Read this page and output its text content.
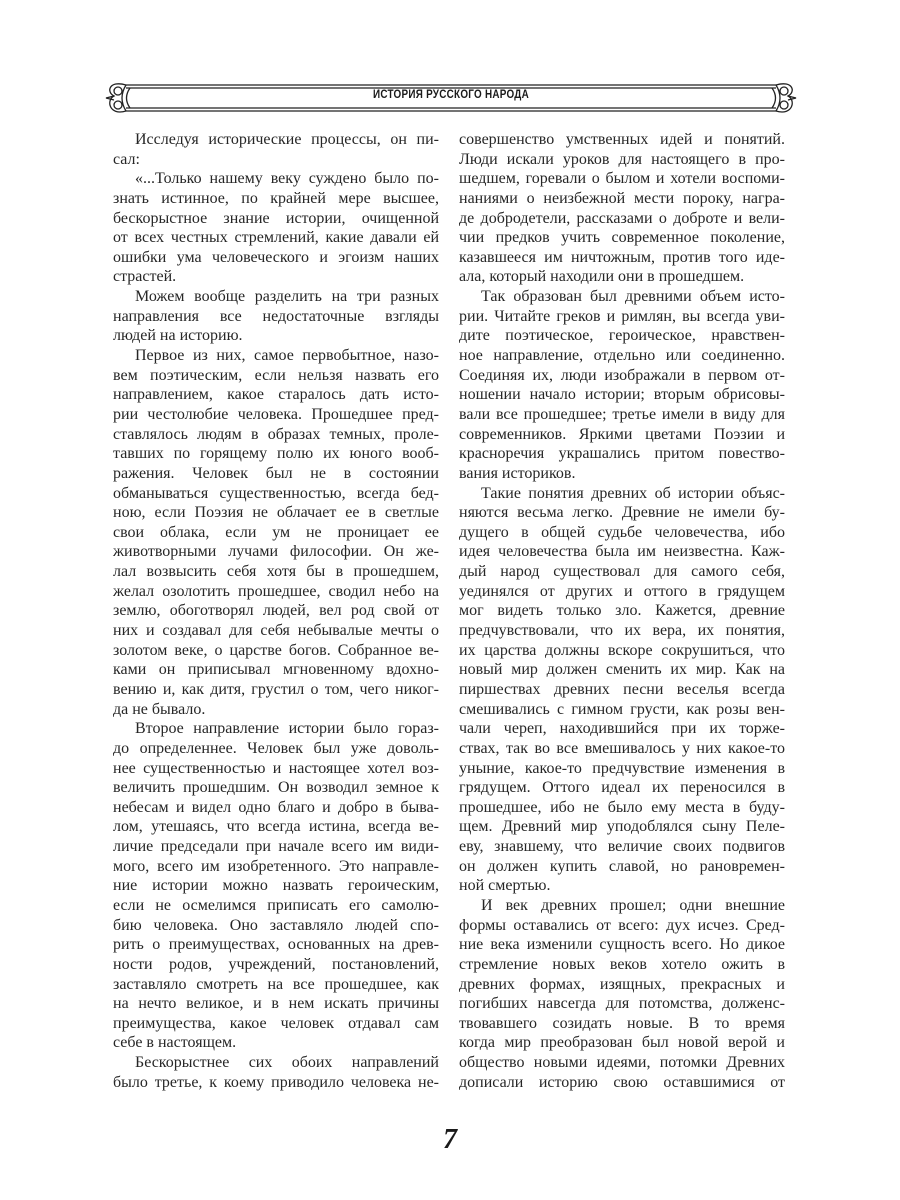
ИСТОРИЯ РУССКОГО НАРОДА
Исследуя исторические процессы, он пи-
сал:
«...Только нашему веку суждено было по-
знать истинное, по крайней мере высшее,
бескорыстное знание истории, очищенной
от всех честных стремлений, какие давали ей
ошибки ума человеческого и эгоизм наших
страстей.
Можем вообще разделить на три разных
направления все недостаточные взгляды
людей на историю.
Первое из них, самое первобытное, назо-
вем поэтическим, если нельзя назвать его
направлением, какое старалось дать исто-
рии честолюбие человека. Прошедшее пред-
ставлялось людям в образах темных, проле-
тавших по горящему полю их юного вооб-
ражения. Человек был не в состоянии
обманываться существенностью, всегда бед-
ною, если Поэзия не облачает ее в светлые
свои облака, если ум не проницает ее
животворными лучами философии. Он же-
лал возвысить себя хотя бы в прошедшем,
желал озолотить прошедшее, сводил небо на
землю, обоготворял людей, вел род свой от
них и создавал для себя небывалые мечты о
золотом веке, о царстве богов. Собранное ве-
ками он приписывал мгновенному вдохно-
вению и, как дитя, грустил о том, чего никог-
да не бывало.
Второе направление истории было гораз-
до определеннее. Человек был уже доволь-
нее существенностью и настоящее хотел воз-
величить прошедшим. Он возводил земное к
небесам и видел одно благо и добро в быва-
лом, утешаясь, что всегда истина, всегда ве-
личие председали при начале всего им види-
мого, всего им изобретенного. Это направле-
ние истории можно назвать героическим,
если не осмелимся приписать его самолю-
бию человека. Оно заставляло людей спо-
рить о преимуществах, основанных на древ-
ности родов, учреждений, постановлений,
заставляло смотреть на все прошедшее, как
на нечто великое, и в нем искать причины
преимущества, какое человек отдавал сам
себе в настоящем.
Бескорыстнее сих обоих направлений
было третье, к коему приводило человека не-
совершенство умственных идей и понятий.
Люди искали уроков для настоящего в про-
шедшем, горевали о былом и хотели воспоми-
наниями о неизбежной мести пороку, награ-
де добродетели, рассказами о доброте и вели-
чии предков учить современное поколение,
казавшееся им ничтожным, против того иде-
ала, который находили они в прошедшем.
Так образован был древними объем исто-
рии. Читайте греков и римлян, вы всегда уви-
дите поэтическое, героическое, нравствен-
ное направление, отдельно или соединенно.
Соединяя их, люди изображали в первом от-
ношении начало истории; вторым обрисовы-
вали все прошедшее; третье имели в виду для
современников. Яркими цветами Поэзии и
красноречия украшались притом повество-
вания историков.
Такие понятия древних об истории объяс-
няются весьма легко. Древние не имели бу-
дущего в общей судьбе человечества, ибо
идея человечества была им неизвестна. Каж-
дый народ существовал для самого себя,
уединялся от других и оттого в грядущем
мог видеть только зло. Кажется, древние
предчувствовали, что их вера, их понятия,
их царства должны вскоре сокрушиться, что
новый мир должен сменить их мир. Как на
пиршествах древних песни веселья всегда
смешивались с гимном грусти, как розы вен-
чали череп, находившийся при их торже-
ствах, так во все вмешивалось у них какое-то
уныние, какое-то предчувствие изменения в
грядущем. Оттого идеал их переносился в
прошедшее, ибо не было ему места в буду-
щем. Древний мир уподоблялся сыну Пеле-
еву, знавшему, что величие своих подвигов
он должен купить славой, но рановремен-
ной смертью.
И век древних прошел; одни внешние
формы оставались от всего: дух исчез. Сред-
ние века изменили сущность всего. Но дикое
стремление новых веков хотело ожить в
древних формах, изящных, прекрасных и
погибших навсегда для потомства, долженс-
твовавшего созидать новые. В то время
когда мир преобразован был новой верой и
общество новыми идеями, потомки Древних
дописали историю свою оставшимися от
7
